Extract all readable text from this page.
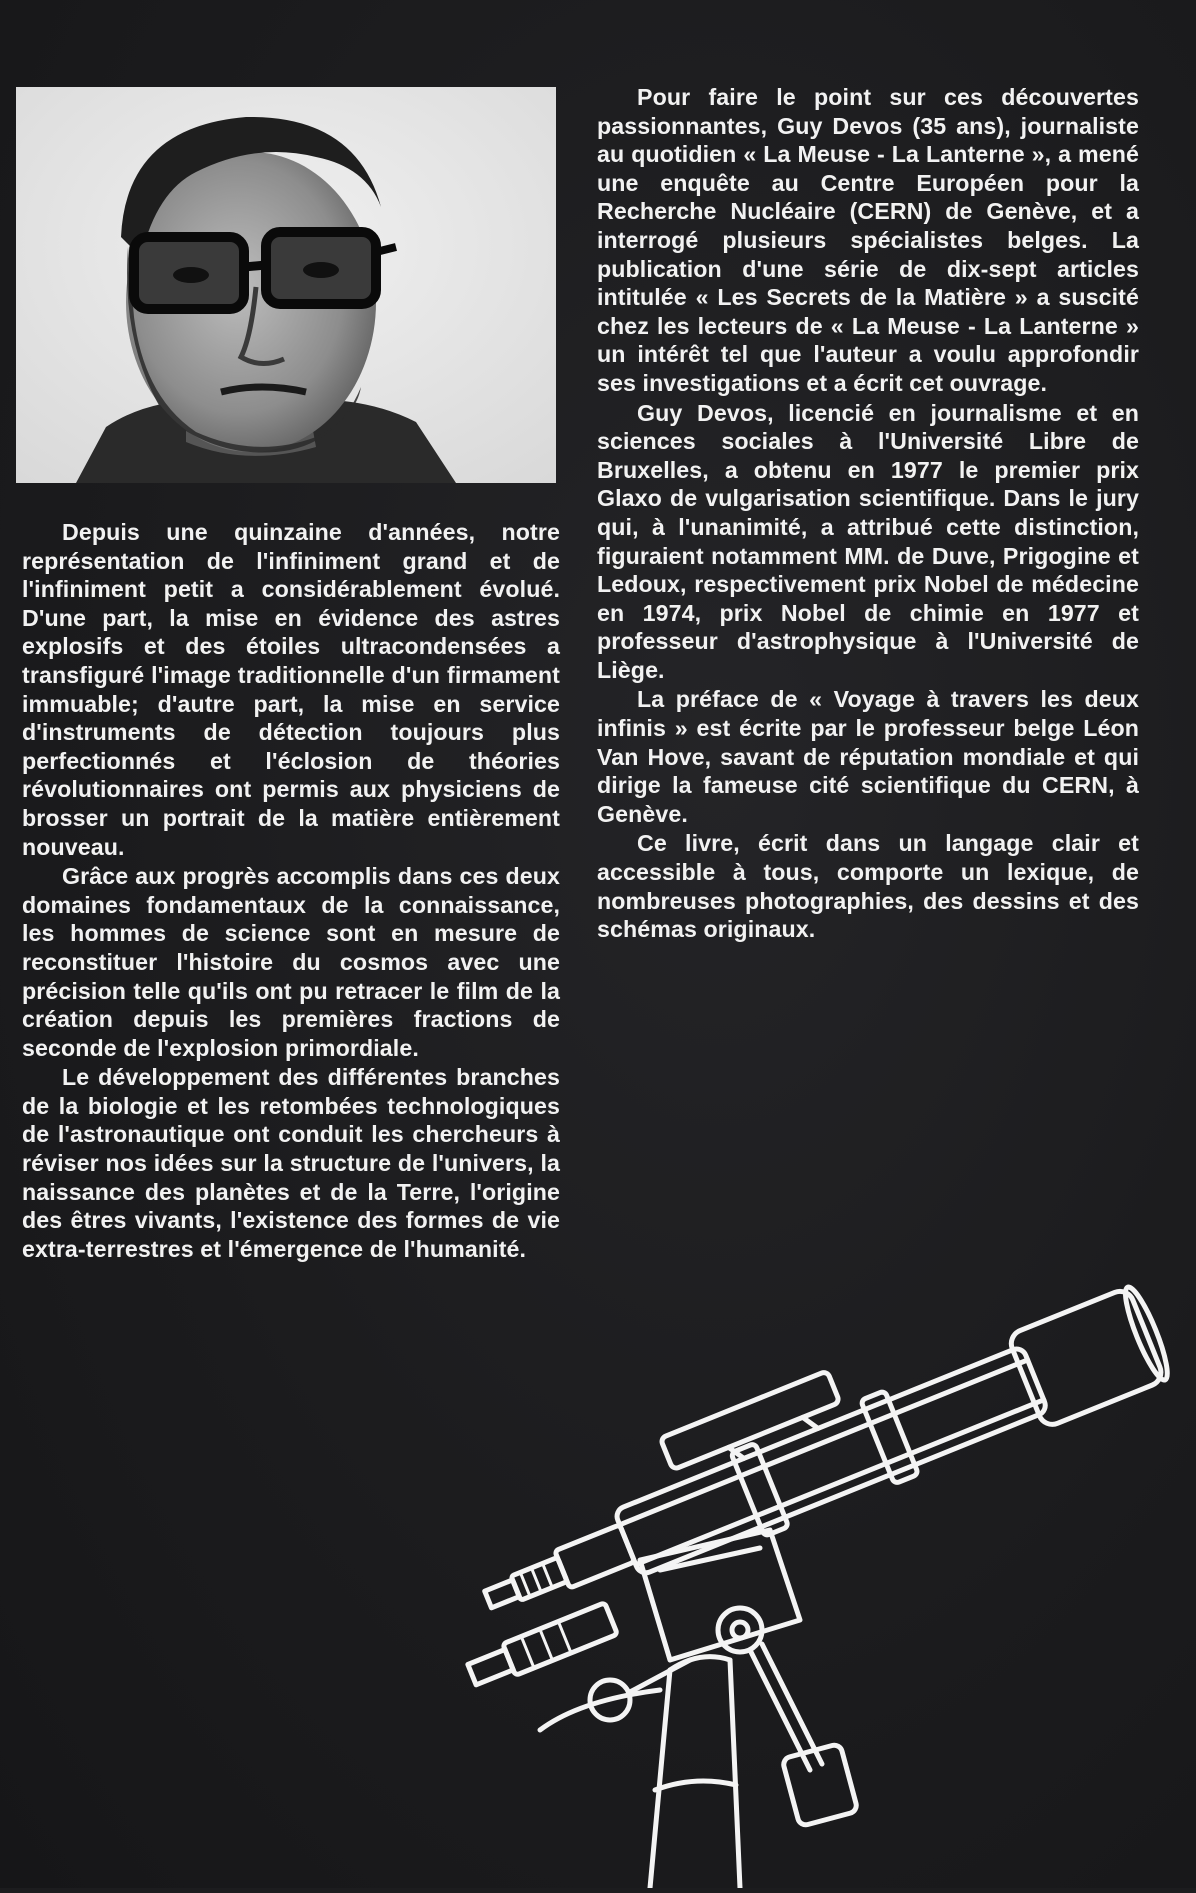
Depuis une quinzaine d'années, notre représentation de l'infiniment grand et de l'infiniment petit a considérablement évolué. D'une part, la mise en évidence des astres explosifs et des étoiles ultracondensées a transfiguré l'image traditionnelle d'un firmament immuable; d'autre part, la mise en service d'instruments de détection toujours plus perfectionnés et l'éclosion de théories révolutionnaires ont permis aux physiciens de brosser un portrait de la matière entièrement nouveau.

Grâce aux progrès accomplis dans ces deux domaines fondamentaux de la connaissance, les hommes de science sont en mesure de reconstituer l'histoire du cosmos avec une précision telle qu'ils ont pu retracer le film de la création depuis les premières fractions de seconde de l'explosion primordiale.

Le développement des différentes branches de la biologie et les retombées technologiques de l'astronautique ont conduit les chercheurs à réviser nos idées sur la structure de l'univers, la naissance des planètes et de la Terre, l'origine des êtres vivants, l'existence des formes de vie extra-terrestres et l'émergence de l'humanité.

Pour faire le point sur ces découvertes passionnantes, Guy Devos (35 ans), journaliste au quotidien « La Meuse - La Lanterne », a mené une enquête au Centre Européen pour la Recherche Nucléaire (CERN) de Genève, et a interrogé plusieurs spécialistes belges. La publication d'une série de dix-sept articles intitulée « Les Secrets de la Matière » a suscité chez les lecteurs de « La Meuse - La Lanterne » un intérêt tel que l'auteur a voulu approfondir ses investigations et a écrit cet ouvrage.

Guy Devos, licencié en journalisme et en sciences sociales à l'Université Libre de Bruxelles, a obtenu en 1977 le premier prix Glaxo de vulgarisation scientifique. Dans le jury qui, à l'unanimité, a attribué cette distinction, figuraient notamment MM. de Duve, Prigogine et Ledoux, respectivement prix Nobel de médecine en 1974, prix Nobel de chimie en 1977 et professeur d'astrophysique à l'Université de Liège.

La préface de « Voyage à travers les deux infinis » est écrite par le professeur belge Léon Van Hove, savant de réputation mondiale et qui dirige la fameuse cité scientifique du CERN, à Genève.

Ce livre, écrit dans un langage clair et accessible à tous, comporte un lexique, de nombreuses photographies, des dessins et des schémas originaux.
